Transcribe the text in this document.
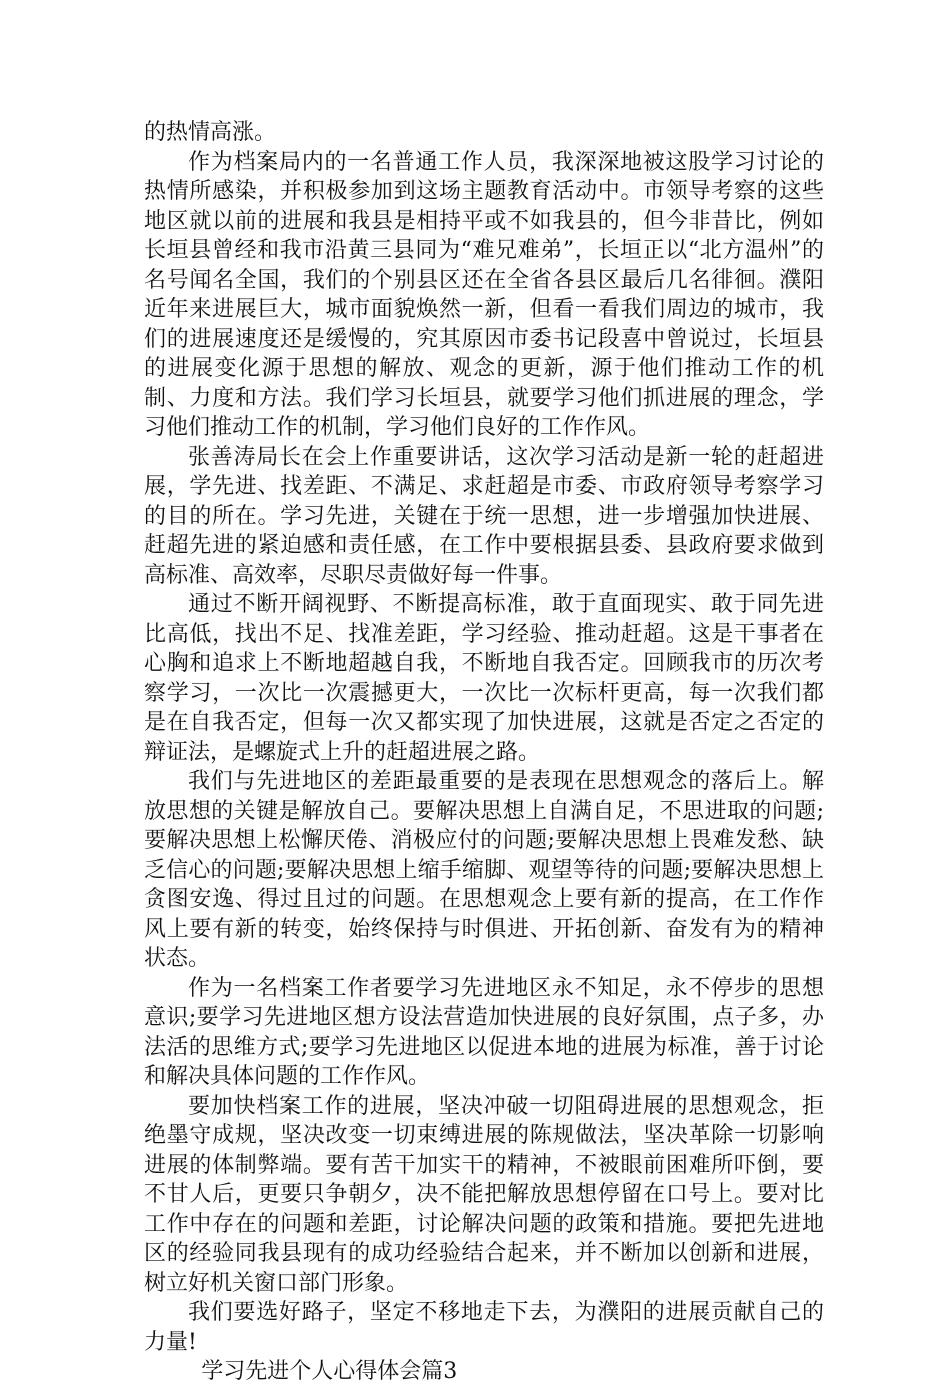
的热情高涨。

作为档案局内的一名普通工作人员，我深深地被这股学习讨论的热情所感染，并积极参加到这场主题教育活动中。市领导考察的这些地区就以前的进展和我县是相持平或不如我县的，但今非昔比，例如长垣县曾经和我市沿黄三县同为“难兄难弟”，长垣正以“北方温州”的名号闻名全国，我们的个别县区还在全省各县区最后几名徘徊。濮阳近年来进展巨大，城市面貌焕然一新，但看一看我们周边的城市，我们的进展速度还是缓慢的，究其原因市委书记段喜中曾说过，长垣县的进展变化源于思想的解放、观念的更新，源于他们推动工作的机制、力度和方法。我们学习长垣县，就要学习他们抓进展的理念，学习他们推动工作的机制，学习他们良好的工作作风。

张善涛局长在会上作重要讲话，这次学习活动是新一轮的赶超进展，学先进、找差距、不满足、求赶超是市委、市政府领导考察学习的目的所在。学习先进，关键在于统一思想，进一步增强加快进展、赶超先进的紧迫感和责任感，在工作中要根据县委、县政府要求做到高标准、高效率，尽职尽责做好每一件事。

通过不断开阔视野、不断提高标准，敢于直面现实、敢于同先进比高低，找出不足、找准差距，学习经验、推动赶超。这是干事者在心胸和追求上不断地超越自我，不断地自我否定。回顾我市的历次考察学习，一次比一次震撼更大，一次比一次标杆更高，每一次我们都是在自我否定，但每一次又都实现了加快进展，这就是否定之否定的辩证法，是螺旋式上升的赶超进展之路。

我们与先进地区的差距最重要的是表现在思想观念的落后上。解放思想的关键是解放自己。要解决思想上自满自足，不思进取的问题;要解决思想上松懈厌倦、消极应付的问题;要解决思想上畏难发愁、缺乏信心的问题;要解决思想上缩手缩脚、观望等待的问题;要解决思想上贪图安逸、得过且过的问题。在思想观念上要有新的提高，在工作作风上要有新的转变，始终保持与时俱进、开拓创新、奋发有为的精神状态。

作为一名档案工作者要学习先进地区永不知足，永不停步的思想意识;要学习先进地区想方设法营造加快进展的良好氛围，点子多，办法活的思维方式;要学习先进地区以促进本地的进展为标准，善于讨论和解决具体问题的工作作风。

要加快档案工作的进展，坚决冲破一切阻碍进展的思想观念，拒绝墨守成规，坚决改变一切束缚进展的陈规做法，坚决革除一切影响进展的体制弊端。要有苦干加实干的精神，不被眼前困难所吓倒，要不甘人后，更要只争朝夕，决不能把解放思想停留在口号上。要对比工作中存在的问题和差距，讨论解决问题的政策和措施。要把先进地区的经验同我县现有的成功经验结合起来，并不断加以创新和进展，树立好机关窗口部门形象。

我们要选好路子，坚定不移地走下去，为濮阳的进展贡献自己的力量!

学习先进个人心得体会篇3
